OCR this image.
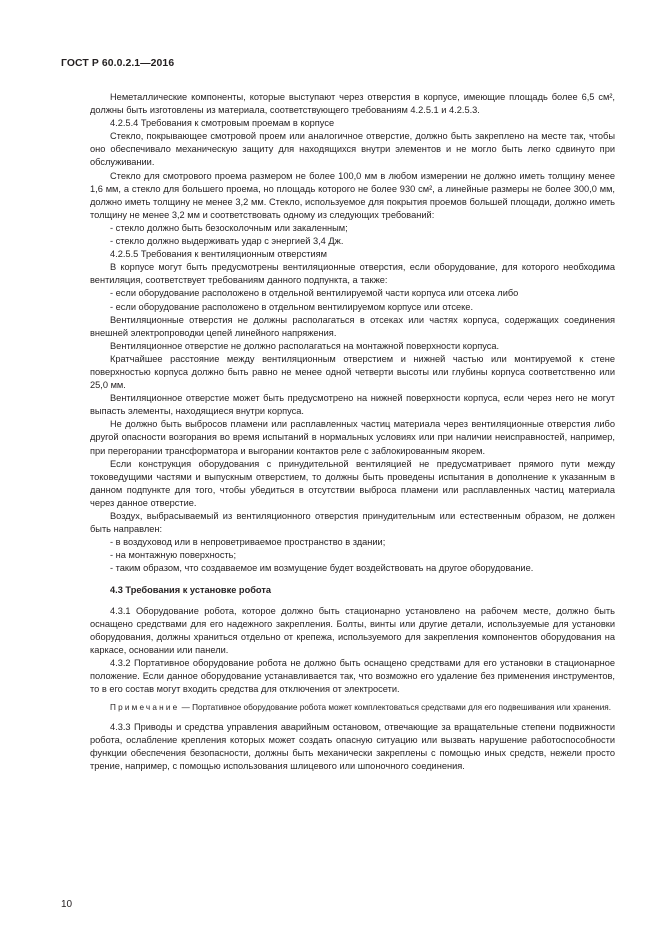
ГОСТ Р 60.0.2.1—2016

Неметаллические компоненты, которые выступают через отверстия в корпусе, имеющие площадь более 6,5 см², должны быть изготовлены из материала, соответствующего требованиям 4.2.5.1 и 4.2.5.3.

4.2.5.4 Требования к смотровым проемам в корпусе

Стекло, покрывающее смотровой проем или аналогичное отверстие, должно быть закреплено на месте так, чтобы оно обеспечивало механическую защиту для находящихся внутри элементов и не могло быть легко сдвинуто при обслуживании.

Стекло для смотрового проема размером не более 100,0 мм в любом измерении не должно иметь толщину менее 1,6 мм, а стекло для большего проема, но площадь которого не более 930 см², а линейные размеры не более 300,0 мм, должно иметь толщину не менее 3,2 мм. Стекло, используемое для покрытия проемов большей площади, должно иметь толщину не менее 3,2 мм и соответствовать одному из следующих требований:

- стекло должно быть безосколочным или закаленным;

- стекло должно выдерживать удар с энергией 3,4 Дж.

4.2.5.5 Требования к вентиляционным отверстиям

В корпусе могут быть предусмотрены вентиляционные отверстия, если оборудование, для которого необходима вентиляция, соответствует требованиям данного подпункта, а также:

- если оборудование расположено в отдельной вентилируемой части корпуса или отсека либо

- если оборудование расположено в отдельном вентилируемом корпусе или отсеке.

Вентиляционные отверстия не должны располагаться в отсеках или частях корпуса, содержащих соединения внешней электропроводки цепей линейного напряжения.

Вентиляционное отверстие не должно располагаться на монтажной поверхности корпуса.

Кратчайшее расстояние между вентиляционным отверстием и нижней частью или монтируемой к стене поверхностью корпуса должно быть равно не менее одной четверти высоты или глубины корпуса соответственно или 25,0 мм.

Вентиляционное отверстие может быть предусмотрено на нижней поверхности корпуса, если через него не могут выпасть элементы, находящиеся внутри корпуса.

Не должно быть выбросов пламени или расплавленных частиц материала через вентиляционные отверстия либо другой опасности возгорания во время испытаний в нормальных условиях или при наличии неисправностей, например, при перегорании трансформатора и выгорании контактов реле с заблокированным якорем.

Если конструкция оборудования с принудительной вентиляцией не предусматривает прямого пути между токоведущими частями и выпускным отверстием, то должны быть проведены испытания в дополнение к указанным в данном подпункте для того, чтобы убедиться в отсутствии выброса пламени или расплавленных частиц материала через данное отверстие.

Воздух, выбрасываемый из вентиляционного отверстия принудительным или естественным образом, не должен быть направлен:

- в воздуховод или в непроветриваемое пространство в здании;

- на монтажную поверхность;

- таким образом, что создаваемое им возмущение будет воздействовать на другое оборудование.

4.3 Требования к установке робота

4.3.1 Оборудование робота, которое должно быть стационарно установлено на рабочем месте, должно быть оснащено средствами для его надежного закрепления. Болты, винты или другие детали, используемые для установки оборудования, должны храниться отдельно от крепежа, используемого для закрепления компонентов оборудования на каркасе, основании или панели.

4.3.2 Портативное оборудование робота не должно быть оснащено средствами для его установки в стационарное положение. Если данное оборудование устанавливается так, что возможно его удаление без применения инструментов, то в его состав могут входить средства для отключения от электросети.

Примечание — Портативное оборудование робота может комплектоваться средствами для его подвешивания или хранения.

4.3.3 Приводы и средства управления аварийным остановом, отвечающие за вращательные степени подвижности робота, ослабление крепления которых может создать опасную ситуацию или вызвать нарушение работоспособности функции обеспечения безопасности, должны быть механически закреплены с помощью иных средств, нежели просто трение, например, с помощью использования шлицевого или шпоночного соединения.

10
